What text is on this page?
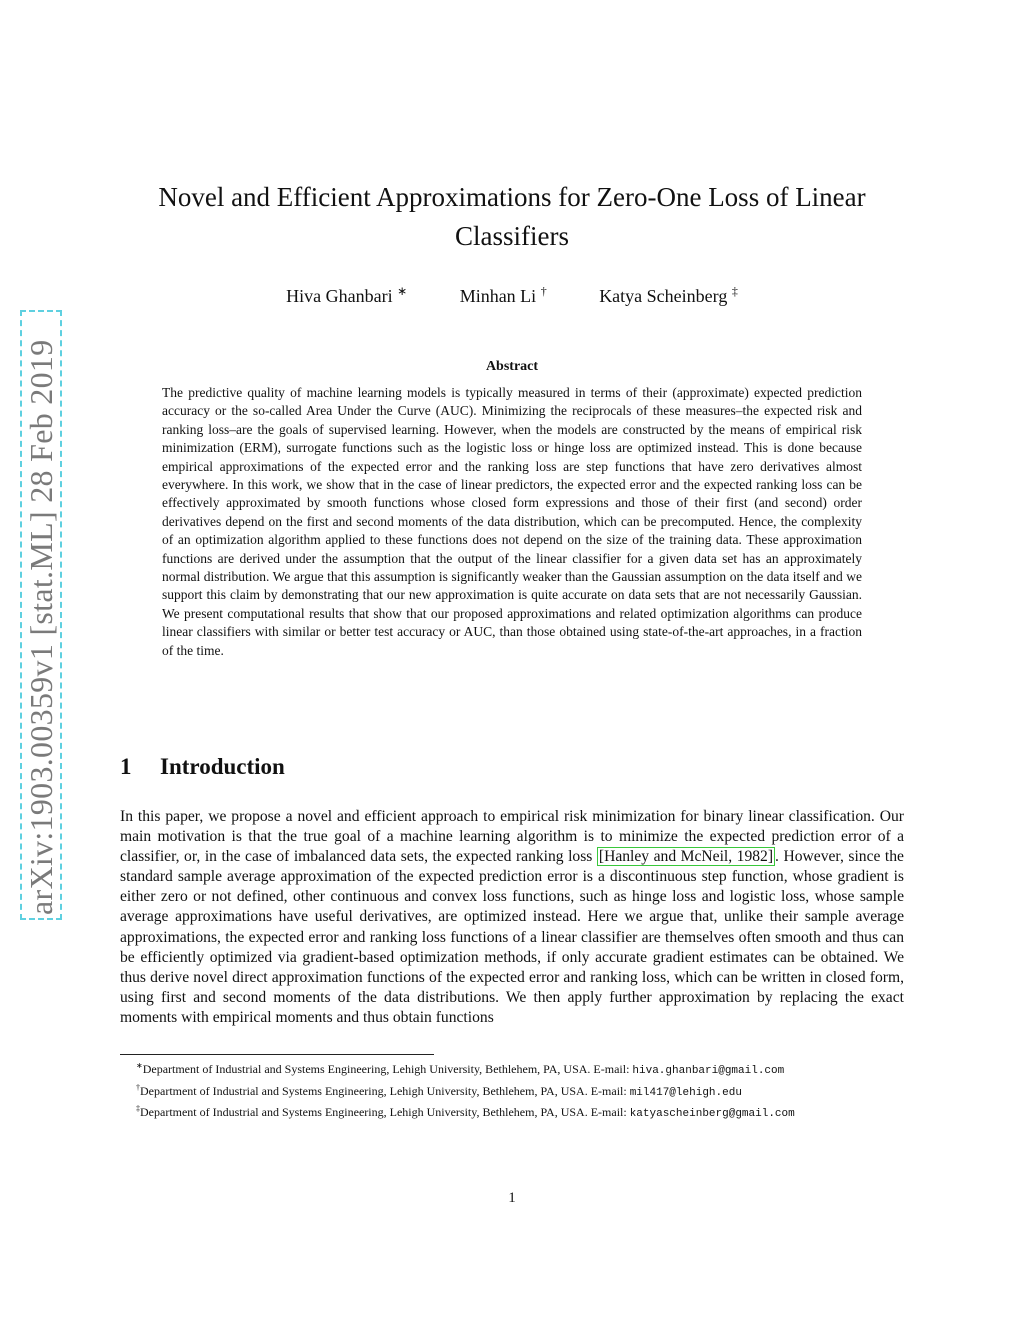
arXiv:1903.00359v1 [stat.ML] 28 Feb 2019
Novel and Efficient Approximations for Zero-One Loss of Linear Classifiers
Hiva Ghanbari ∗	Minhan Li †	Katya Scheinberg ‡
Abstract
The predictive quality of machine learning models is typically measured in terms of their (approximate) expected prediction accuracy or the so-called Area Under the Curve (AUC). Minimizing the reciprocals of these measures–the expected risk and ranking loss–are the goals of supervised learning. However, when the models are constructed by the means of empirical risk minimization (ERM), surrogate functions such as the logistic loss or hinge loss are optimized instead. This is done because empirical approximations of the expected error and the ranking loss are step functions that have zero derivatives almost everywhere. In this work, we show that in the case of linear predictors, the expected error and the expected ranking loss can be effectively approximated by smooth functions whose closed form expressions and those of their first (and second) order derivatives depend on the first and second moments of the data distribution, which can be precomputed. Hence, the complexity of an optimization algorithm applied to these functions does not depend on the size of the training data. These approximation functions are derived under the assumption that the output of the linear classifier for a given data set has an approximately normal distribution. We argue that this assumption is significantly weaker than the Gaussian assumption on the data itself and we support this claim by demonstrating that our new approximation is quite accurate on data sets that are not necessarily Gaussian. We present computational results that show that our proposed approximations and related optimization algorithms can produce linear classifiers with similar or better test accuracy or AUC, than those obtained using state-of-the-art approaches, in a fraction of the time.
1 Introduction
In this paper, we propose a novel and efficient approach to empirical risk minimization for binary linear classification. Our main motivation is that the true goal of a machine learning algorithm is to minimize the expected prediction error of a classifier, or, in the case of imbalanced data sets, the expected ranking loss [Hanley and McNeil, 1982] . However, since the standard sample average approximation of the expected prediction error is a discontinuous step function, whose gradient is either zero or not defined, other continuous and convex loss functions, such as hinge loss and logistic loss, whose sample average approximations have useful derivatives, are optimized instead. Here we argue that, unlike their sample average approximations, the expected error and ranking loss functions of a linear classifier are themselves often smooth and thus can be efficiently optimized via gradient-based optimization methods, if only accurate gradient estimates can be obtained. We thus derive novel direct approximation functions of the expected error and ranking loss, which can be written in closed form, using first and second moments of the data distributions. We then apply further approximation by replacing the exact moments with empirical moments and thus obtain functions
∗Department of Industrial and Systems Engineering, Lehigh University, Bethlehem, PA, USA. E-mail: hiva.ghanbari@gmail.com
†Department of Industrial and Systems Engineering, Lehigh University, Bethlehem, PA, USA. E-mail: mil417@lehigh.edu
‡Department of Industrial and Systems Engineering, Lehigh University, Bethlehem, PA, USA. E-mail: katyascheinberg@gmail.com
1
